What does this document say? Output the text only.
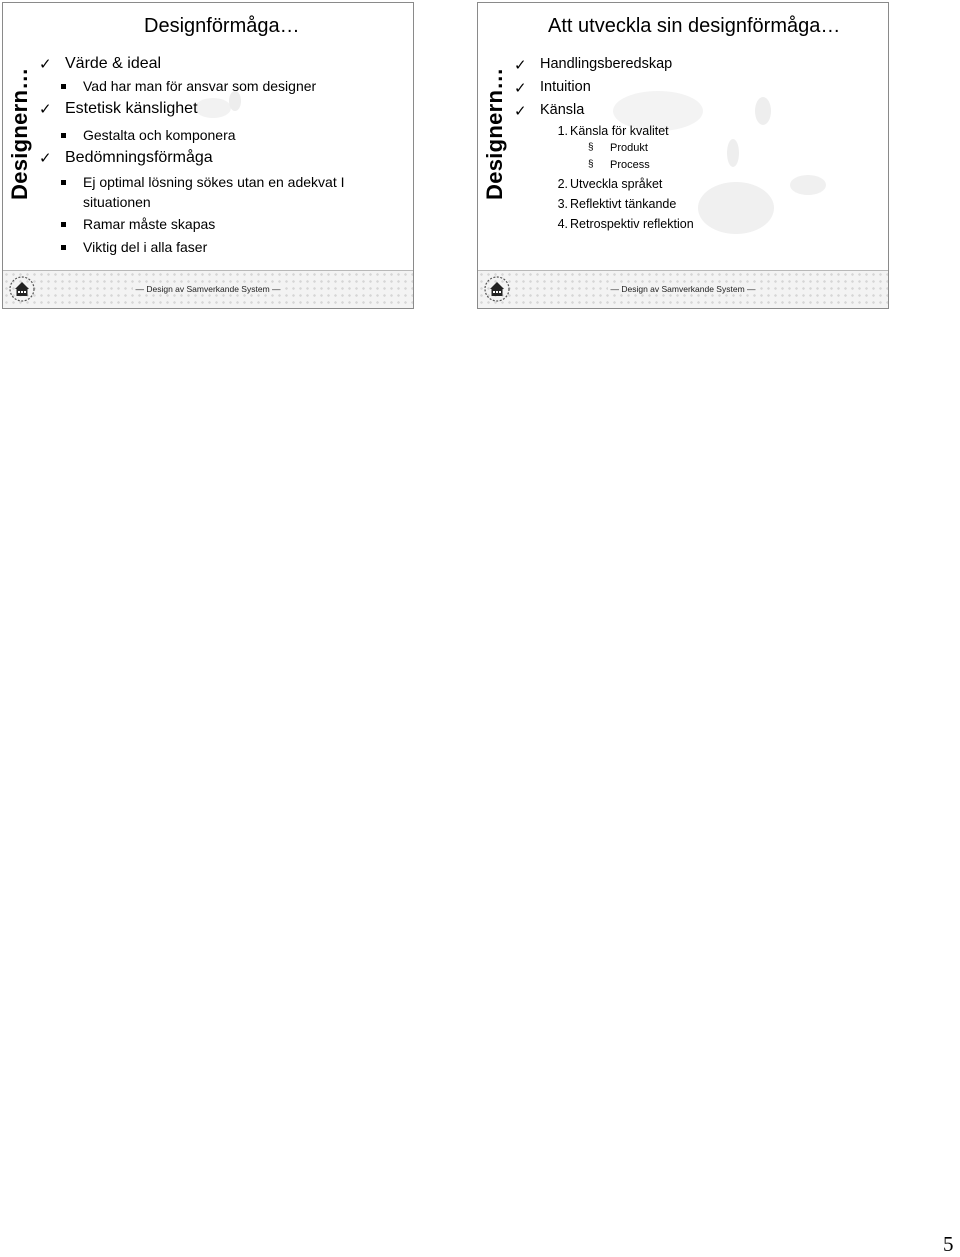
Designern…
Designförmåga…
✓ Värde & ideal
Vad har man för ansvar som designer
✓ Estetisk känslighet
Gestalta och komponera
✓ Bedömningsförmåga
Ej optimal lösning sökes utan en adekvat I
situationen
Ramar måste skapas
Viktig del i alla faser
— Design av Samverkande System —
Designern…
Att utveckla sin designförmåga…
✓ Handlingsberedskap
✓ Intuition
✓ Känsla
1. Känsla för kvalitet
§ Produkt
§ Process
2. Utveckla språket
3. Reflektivt tänkande
4. Retrospektiv reflektion
— Design av Samverkande System —
5
